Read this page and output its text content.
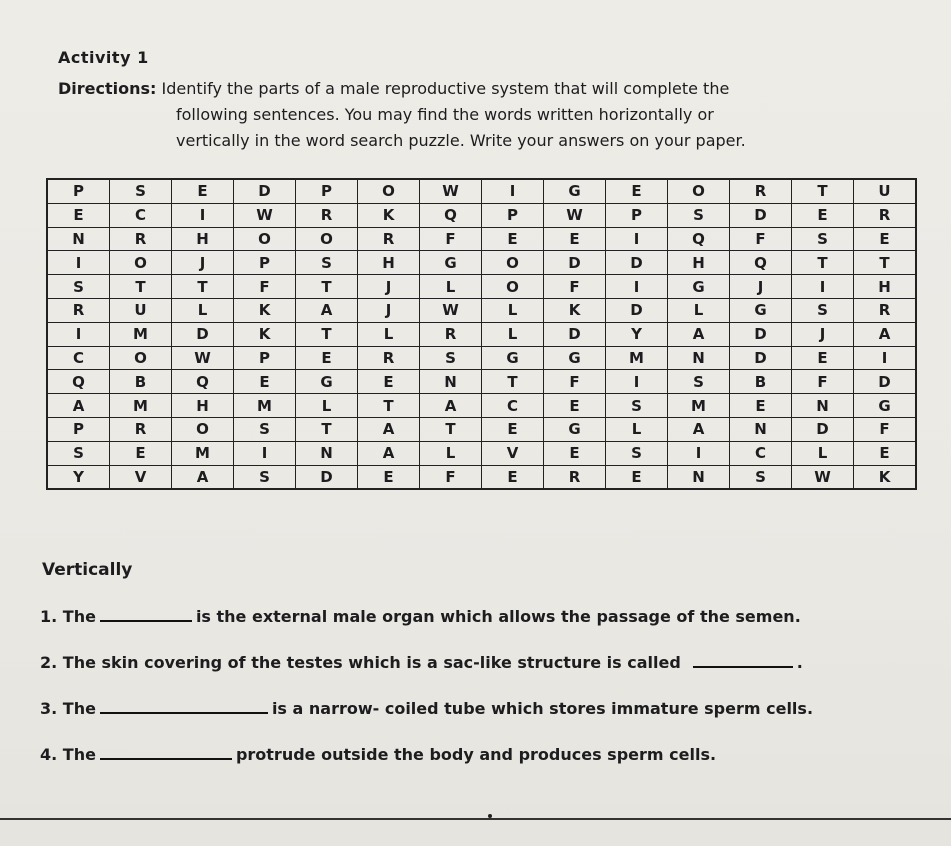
Activity 1
Directions: Identify the parts of a male reproductive system that will complete the
following sentences. You may find the words written horizontally or
vertically in the word search puzzle. Write your answers on your paper.
P	S	E	D	P	O	W	I	G	E	O	R	T	U
E	C	I	W	R	K	Q	P	W	P	S	D	E	R
N	R	H	O	O	R	F	E	E	I	Q	F	S	E
I	O	J	P	S	H	G	O	D	D	H	Q	T	T
S	T	T	F	T	J	L	O	F	I	G	J	I	H
R	U	L	K	A	J	W	L	K	D	L	G	S	R
I	M	D	K	T	L	R	L	D	Y	A	D	J	A
C	O	W	P	E	R	S	G	G	M	N	D	E	I
Q	B	Q	E	G	E	N	T	F	I	S	B	F	D
A	M	H	M	L	T	A	C	E	S	M	E	N	G
P	R	O	S	T	A	T	E	G	L	A	N	D	F
S	E	M	I	N	A	L	V	E	S	I	C	L	E
Y	V	A	S	D	E	F	E	R	E	N	S	W	K
Vertically
1. The	is the external male organ which allows the passage of the semen.
2. The skin covering of the testes which is a sac-like structure is called	.
3. The	is a narrow- coiled tube which stores immature sperm cells.
4. The	protrude outside the body and produces sperm cells.
